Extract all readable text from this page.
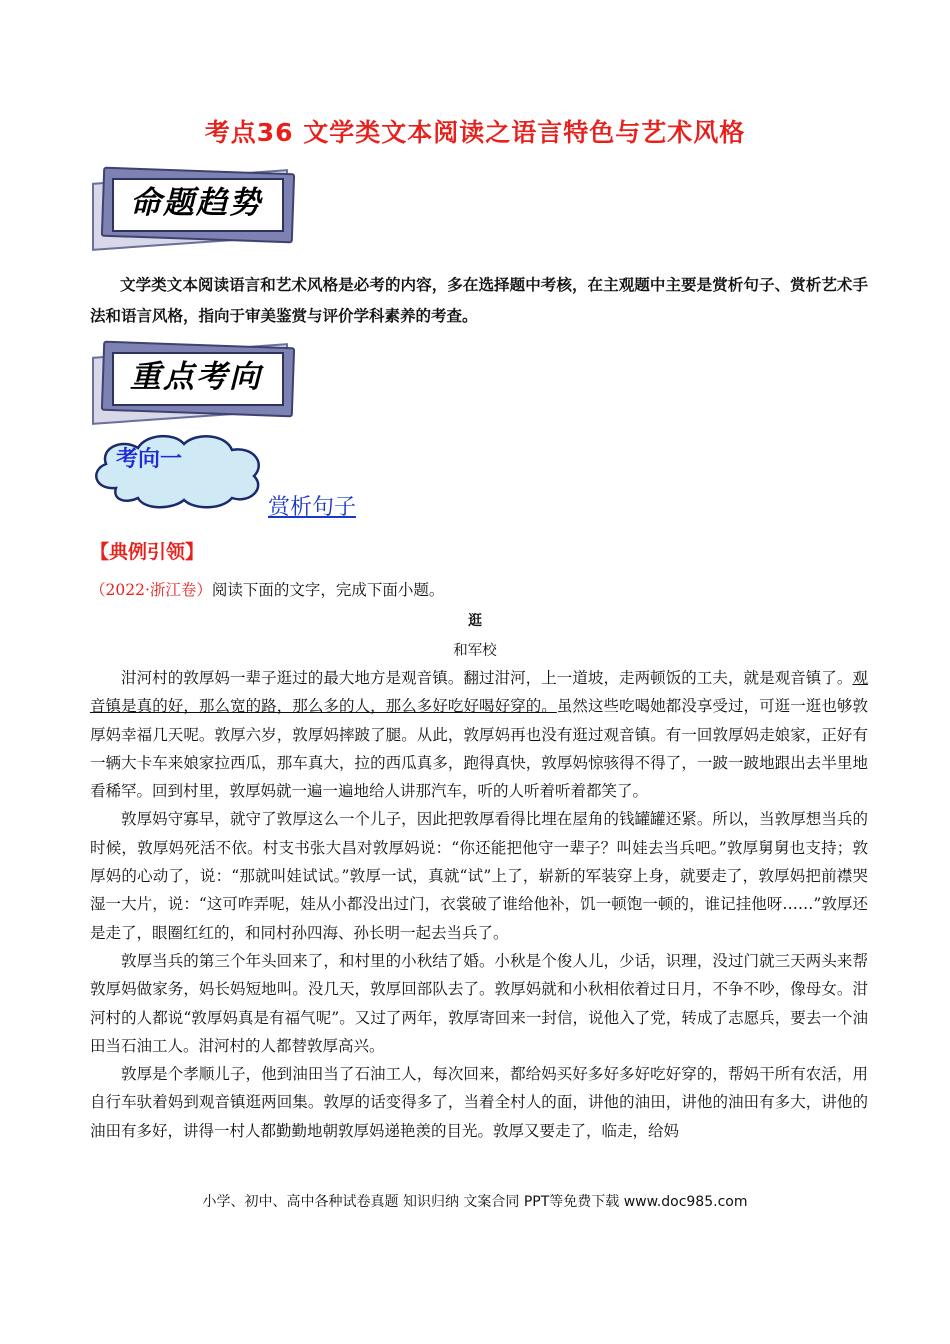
考点36 文学类文本阅读之语言特色与艺术风格
命题趋势
文学类文本阅读语言和艺术风格是必考的内容，多在选择题中考核，在主观题中主要是赏析句子、赏析艺术手法和语言风格，指向于审美鉴赏与评价学科素养的考查。
重点考向
考向一
赏析句子
【典例引领】
（2022·浙江卷）阅读下面的文字，完成下面小题。
逛
和军校

泔河村的敦厚妈一辈子逛过的最大地方是观音镇。翻过泔河，上一道坡，走两顿饭的工夫，就是观音镇了。观音镇是真的好，那么宽的路，那么多的人，那么多好吃好喝好穿的。虽然这些吃喝她都没享受过，可逛一逛也够敦厚妈幸福几天呢。敦厚六岁，敦厚妈摔跛了腿。从此，敦厚妈再也没有逛过观音镇。有一回敦厚妈走娘家，正好有一辆大卡车来娘家拉西瓜，那车真大，拉的西瓜真多，跑得真快，敦厚妈惊骇得不得了，一跛一跛地跟出去半里地看稀罕。回到村里，敦厚妈就一遍一遍地给人讲那汽车，听的人听着听着都笑了。

敦厚妈守寡早，就守了敦厚这么一个儿子，因此把敦厚看得比埋在屋角的钱罐罐还紧。所以，当敦厚想当兵的时候，敦厚妈死活不依。村支书张大昌对敦厚妈说：“你还能把他守一辈子？叫娃去当兵吧。”敦厚舅舅也支持；敦厚妈的心动了，说：“那就叫娃试试。”敦厚一试，真就“试”上了，崭新的军装穿上身，就要走了，敦厚妈把前襟哭湿一大片，说：“这可咋弄呢，娃从小都没出过门，衣裳破了谁给他补，饥一顿饱一顿的，谁记挂他呀……”敦厚还是走了，眼圈红红的，和同村孙四海、孙长明一起去当兵了。

敦厚当兵的第三个年头回来了，和村里的小秋结了婚。小秋是个俊人儿，少话，识理，没过门就三天两头来帮敦厚妈做家务，妈长妈短地叫。没几天，敦厚回部队去了。敦厚妈就和小秋相依着过日月，不争不吵，像母女。泔河村的人都说“敦厚妈真是有福气呢”。又过了两年，敦厚寄回来一封信，说他入了党，转成了志愿兵，要去一个油田当石油工人。泔河村的人都替敦厚高兴。

敦厚是个孝顺儿子，他到油田当了石油工人，每次回来，都给妈买好多好多好吃好穿的，帮妈干所有农活，用自行车驮着妈到观音镇逛两回集。敦厚的话变得多了，当着全村人的面，讲他的油田，讲他的油田有多大，讲他的油田有多好，讲得一村人都勤勤地朝敦厚妈递艳羡的目光。敦厚又要走了，临走，给妈

小学、初中、高中各种试卷真题 知识归纳 文案合同 PPT等免费下载 www.doc985.com
